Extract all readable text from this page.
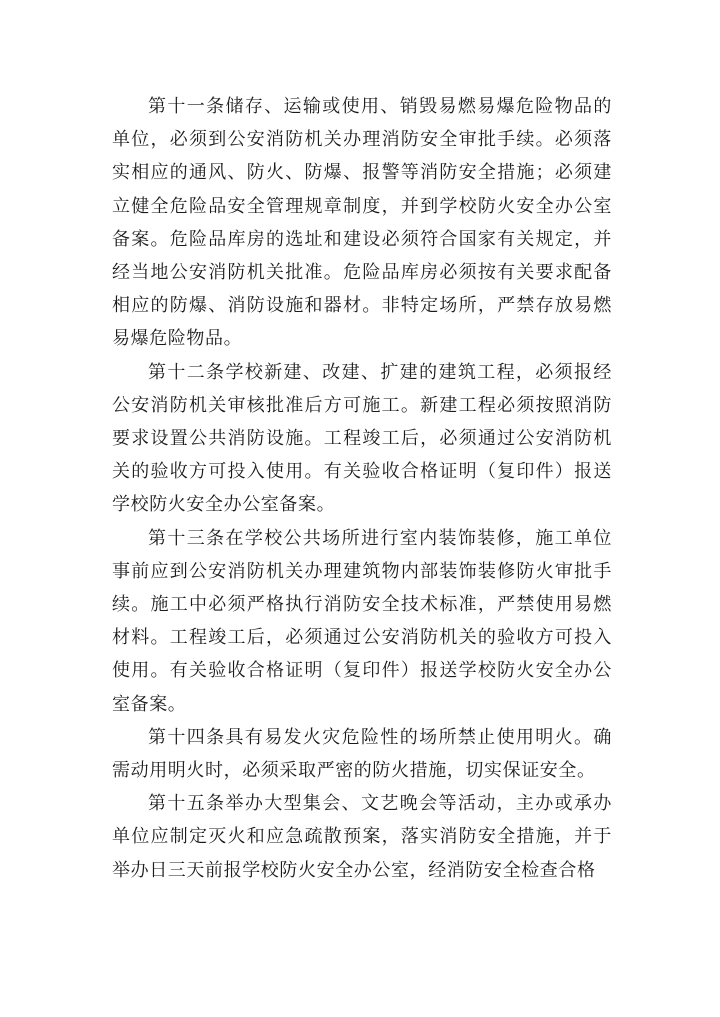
第十一条储存、运输或使用、销毁易燃易爆危险物品的单位，必须到公安消防机关办理消防安全审批手续。必须落实相应的通风、防火、防爆、报警等消防安全措施；必须建立健全危险品安全管理规章制度，并到学校防火安全办公室备案。危险品库房的选址和建设必须符合国家有关规定，并经当地公安消防机关批准。危险品库房必须按有关要求配备相应的防爆、消防设施和器材。非特定场所，严禁存放易燃易爆危险物品。

第十二条学校新建、改建、扩建的建筑工程，必须报经公安消防机关审核批准后方可施工。新建工程必须按照消防要求设置公共消防设施。工程竣工后，必须通过公安消防机关的验收方可投入使用。有关验收合格证明（复印件）报送学校防火安全办公室备案。

第十三条在学校公共场所进行室内装饰装修，施工单位事前应到公安消防机关办理建筑物内部装饰装修防火审批手续。施工中必须严格执行消防安全技术标准，严禁使用易燃材料。工程竣工后，必须通过公安消防机关的验收方可投入使用。有关验收合格证明（复印件）报送学校防火安全办公室备案。

第十四条具有易发火灾危险性的场所禁止使用明火。确需动用明火时，必须采取严密的防火措施，切实保证安全。

第十五条举办大型集会、文艺晚会等活动，主办或承办单位应制定灭火和应急疏散预案，落实消防安全措施，并于举办日三天前报学校防火安全办公室，经消防安全检查合格
